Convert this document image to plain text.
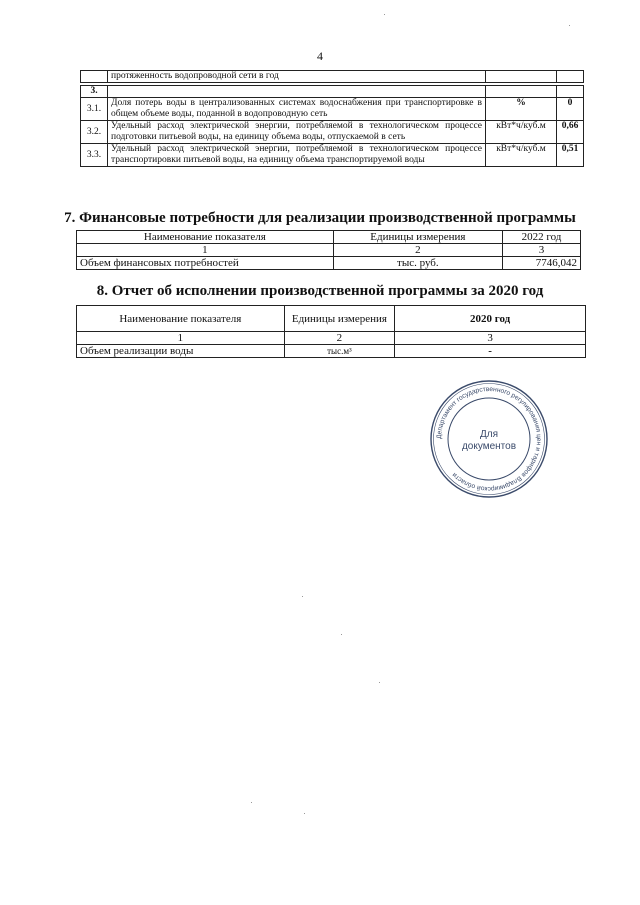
4
	протяженность водопроводной сети в год		

3.			
3.1.	Доля потерь воды в централизованных системах водоснабжения при транспортировке в общем объеме воды, поданной в водопроводную сеть	%	0
3.2.	Удельный расход электрической энергии, потребляемой в технологическом процессе подготовки питьевой воды, на единицу объема воды, отпускаемой в сеть	кВт*ч/куб.м	0,66
3.3.	Удельный расход электрической энергии, потребляемой в технологическом процессе транспортировки питьевой воды, на единицу объема транспортируемой воды	кВт*ч/куб.м	0,51
7. Финансовые потребности для реализации производственной программы
Наименование показателя	Единицы измерения	2022 год
1	2	3
Объем финансовых потребностей	тыс. руб.	7746,042
8. Отчет об исполнении производственной программы за 2020 год
Наименование показателя	Единицы измерения	2020 год
1	2	3
Объем реализации воды	тыс.м³	-
Департамент государственного регулирования цен и тарифов Владимирской области
Для
документов
